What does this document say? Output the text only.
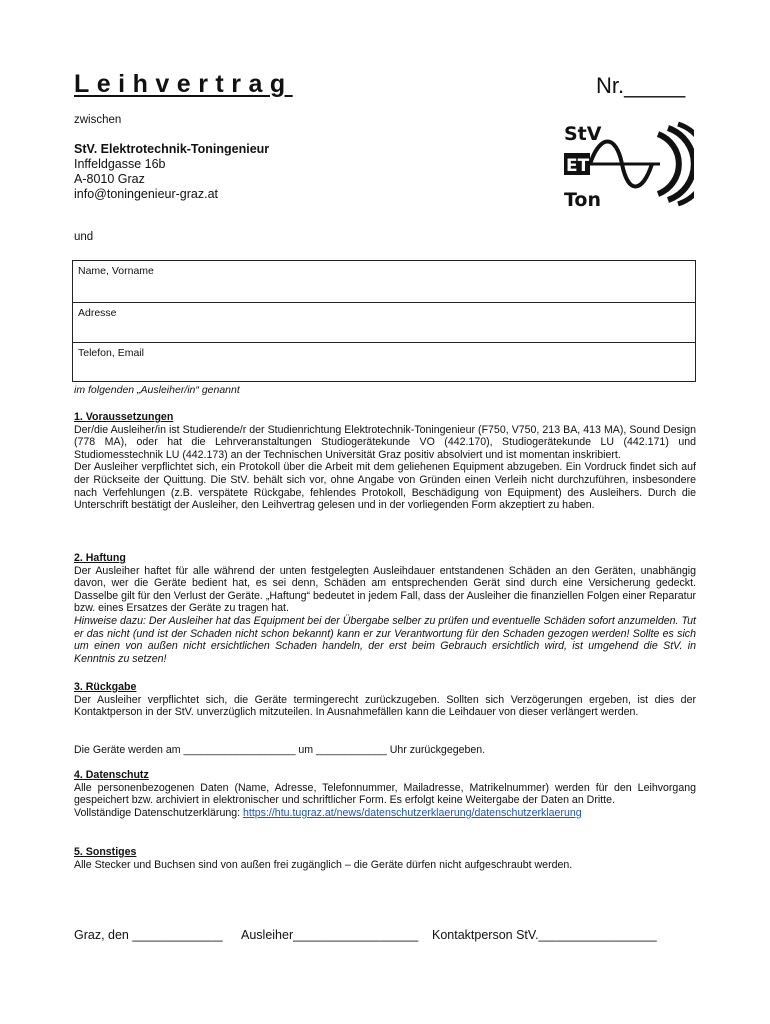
Leihvertrag	Nr._____
zwischen
StV. Elektrotechnik-Toningenieur
Inffeldgasse 16b
A-8010 Graz
info@toningenieur-graz.at
StV
ET
Ton
und
Name, Vorname
Adresse
Telefon, Email
im folgenden „Ausleiher/in“ genannt
1. Voraussetzungen

Der/die Ausleiher/in ist Studierende/r der Studienrichtung Elektrotechnik-Toningenieur (F750, V750, 213 BA, 413 MA), Sound Design (778 MA), oder hat die Lehrveranstaltungen Studiogerätekunde VO (442.170), Studiogerätekunde LU (442.171) und Studiomesstechnik LU (442.173) an der Technischen Universität Graz positiv absolviert und ist momentan inskribiert.

Der Ausleiher verpflichtet sich, ein Protokoll über die Arbeit mit dem geliehenen Equipment abzugeben. Ein Vordruck findet sich auf der Rückseite der Quittung. Die StV. behält sich vor, ohne Angabe von Gründen einen Verleih nicht durchzuführen, insbesondere nach Verfehlungen (z.B. verspätete Rückgabe, fehlendes Protokoll, Beschädigung von Equipment) des Ausleihers. Durch die Unterschrift bestätigt der Ausleiher, den Leihvertrag gelesen und in der vorliegenden Form akzeptiert zu haben.

2. Haftung

Der Ausleiher haftet für alle während der unten festgelegten Ausleihdauer entstandenen Schäden an den Geräten, unabhängig davon, wer die Geräte bedient hat, es sei denn, Schäden am entsprechenden Gerät sind durch eine Versicherung gedeckt. Dasselbe gilt für den Verlust der Geräte. „Haftung“ bedeutet in jedem Fall, dass der Ausleiher die finanziellen Folgen einer Reparatur bzw. eines Ersatzes der Geräte zu tragen hat.

Hinweise dazu: Der Ausleiher hat das Equipment bei der Übergabe selber zu prüfen und eventuelle Schäden sofort anzumelden. Tut er das nicht (und ist der Schaden nicht schon bekannt) kann er zur Verantwortung für den Schaden gezogen werden! Sollte es sich um einen von außen nicht ersichtlichen Schaden handeln, der erst beim Gebrauch ersichtlich wird, ist umgehend die StV. in Kenntnis zu setzen!

3. Rückgabe

Der Ausleiher verpflichtet sich, die Geräte termingerecht zurückzugeben. Sollten sich Verzögerungen ergeben, ist dies der Kontaktperson in der StV. unverzüglich mitzuteilen. In Ausnahmefällen kann die Leihdauer von dieser verlängert werden.

Die Geräte werden am ___________________ um ____________ Uhr zurückgegeben.
4. Datenschutz

Alle personenbezogenen Daten (Name, Adresse, Telefonnummer, Mailadresse, Matrikelnummer) werden für den Leihvorgang gespeichert bzw. archiviert in elektronischer und schriftlicher Form. Es erfolgt keine Weitergabe der Daten an Dritte.

Vollständige Datenschutzerklärung: https://htu.tugraz.at/news/datenschutzerklaerung/datenschutzerklaerung

5. Sonstiges

Alle Stecker und Buchsen sind von außen frei zugänglich – die Geräte dürfen nicht aufgeschraubt werden.

Graz, den _____________ Ausleiher__________________ Kontaktperson StV._________________
